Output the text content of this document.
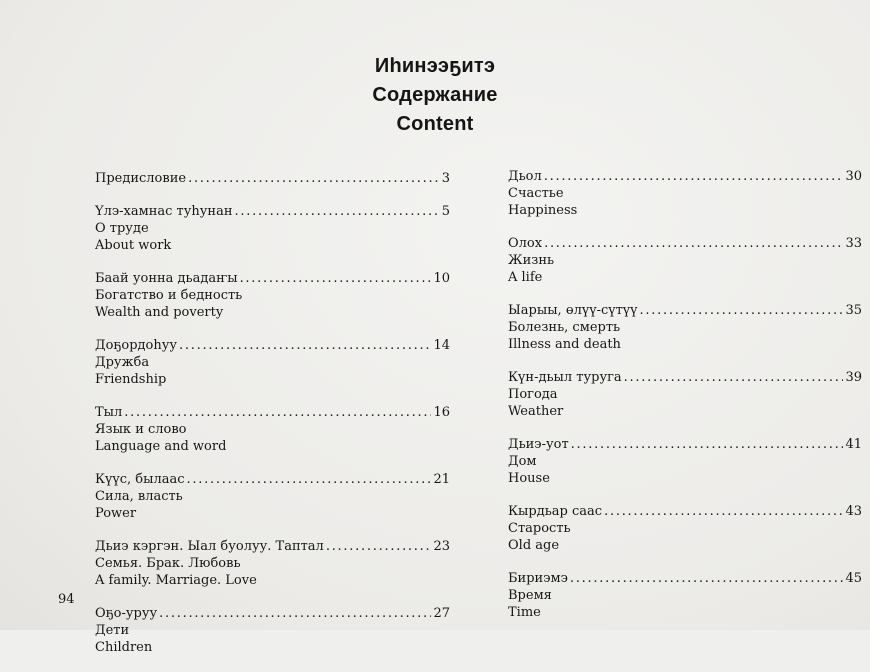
Иһинээҕитэ
Содержание
Content
Предисловие . . .	3
Үлэ-хамнас туһунан . . .	5
О труде
About work
Баай уонна дьадаҥы . . .	10
Богатство и бедность
Wealth and poverty
Доҕордоһуу . . .	14
Дружба
Friendship
Тыл . . .	16
Язык и слово
Language and word
Күүс, былаас . . .	21
Сила, власть
Power
Дьиэ кэргэн. Ыал буолуу. Таптал . . .	23
Семья. Брак. Любовь
A family. Marriage. Love
Оҕо-уруу . . .	27
Дети
Children
Дьол . . .	30
Счастье
Happiness
Олох . . .	33
Жизнь
A life
Ыарыы, өлүү-сүтүү . . .	35
Болезнь, смерть
Illness and death
Күн-дьыл туруга . . .	39
Погода
Weather
Дьиэ-уот . . .	41
Дом
House
Кырдьар саас . . .	43
Старость
Old age
Бириэмэ . . .	45
Время
Time
94
